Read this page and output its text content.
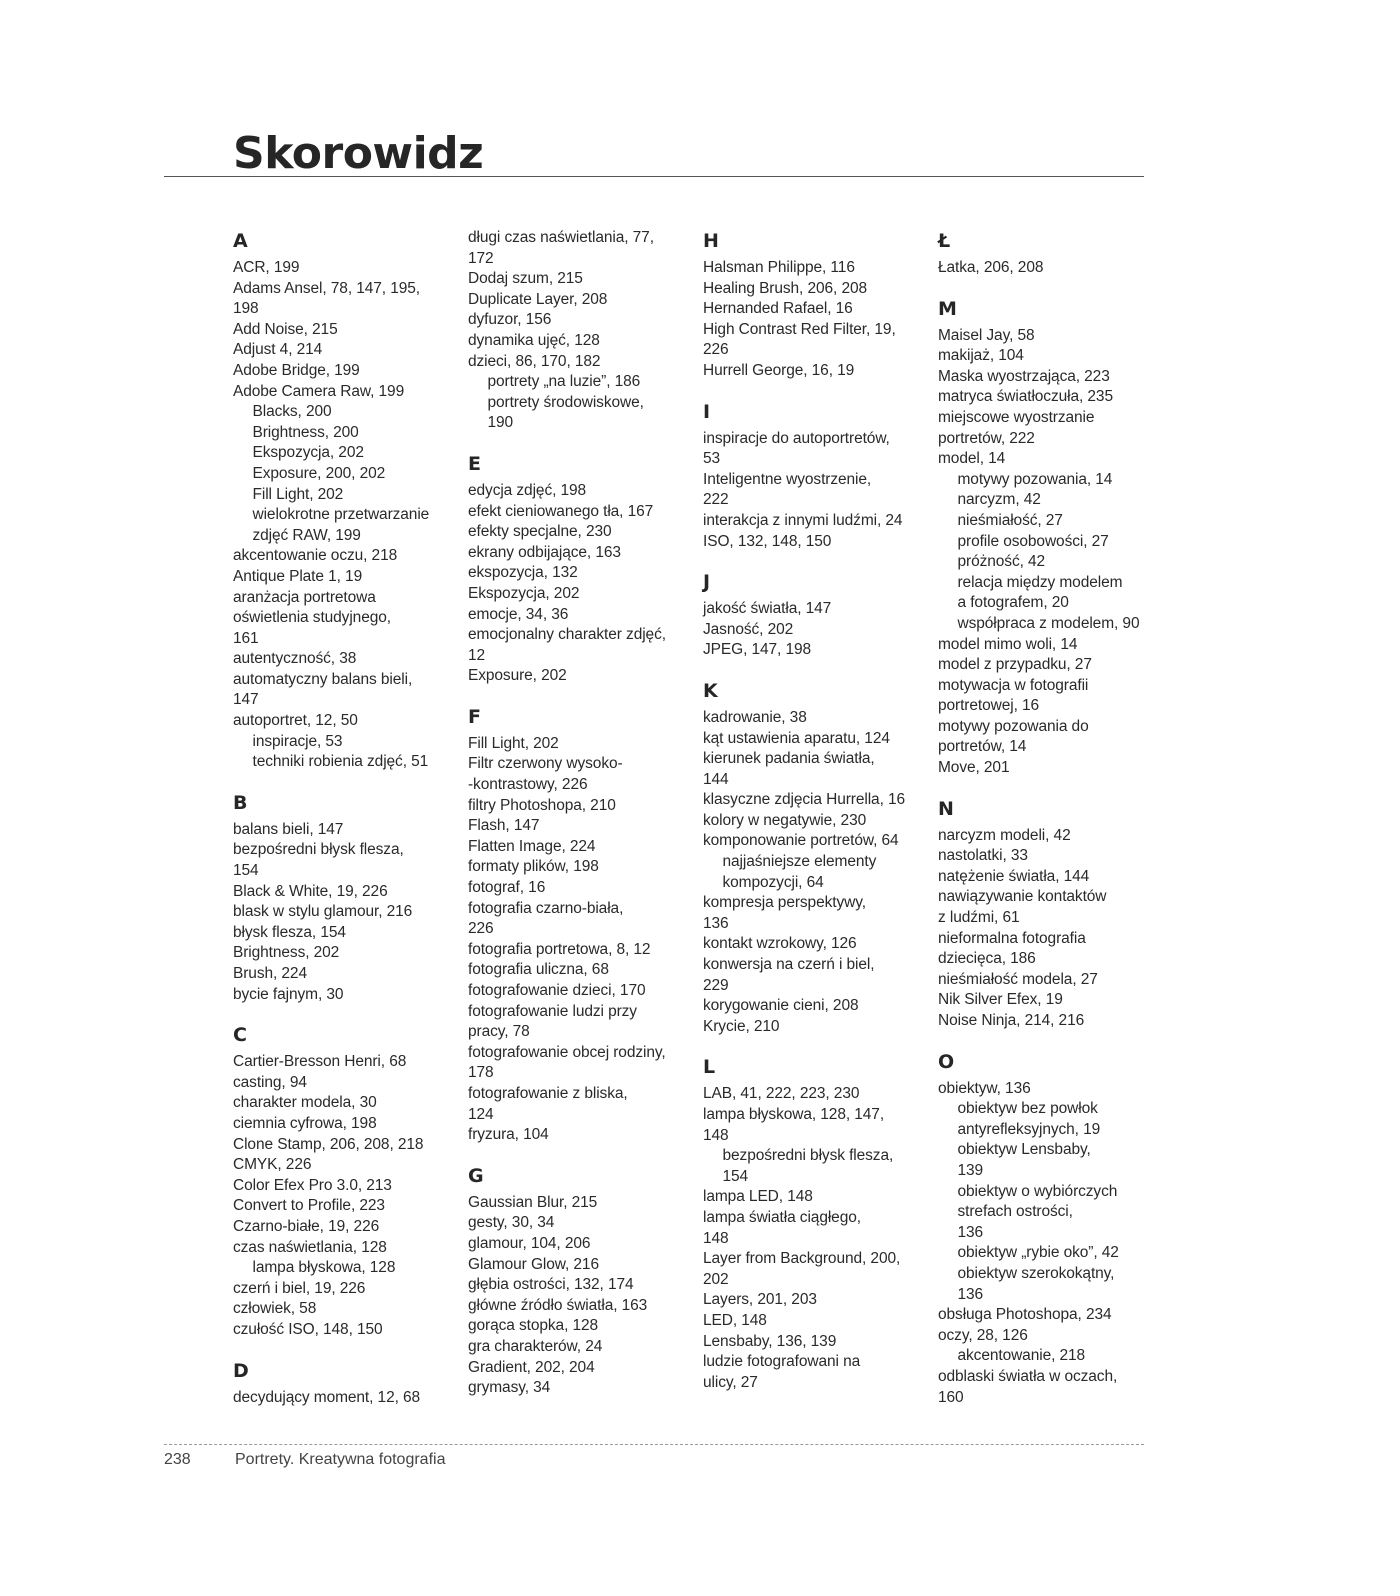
Skorowidz
A
ACR, 199
Adams Ansel, 78, 147, 195,
198
Add Noise, 215
Adjust 4, 214
Adobe Bridge, 199
Adobe Camera Raw, 199
Blacks, 200
Brightness, 200
Ekspozycja, 202
Exposure, 200, 202
Fill Light, 202
wielokrotne przetwarzanie
zdjęć RAW, 199
akcentowanie oczu, 218
Antique Plate 1, 19
aranżacja portretowa
oświetlenia studyjnego,
161
autentyczność, 38
automatyczny balans bieli,
147
autoportret, 12, 50
inspiracje, 53
techniki robienia zdjęć, 51
B
balans bieli, 147
bezpośredni błysk flesza,
154
Black & White, 19, 226
blask w stylu glamour, 216
błysk flesza, 154
Brightness, 202
Brush, 224
bycie fajnym, 30
C
Cartier-Bresson Henri, 68
casting, 94
charakter modela, 30
ciemnia cyfrowa, 198
Clone Stamp, 206, 208, 218
CMYK, 226
Color Efex Pro 3.0, 213
Convert to Profile, 223
Czarno-białe, 19, 226
czas naświetlania, 128
lampa błyskowa, 128
czerń i biel, 19, 226
człowiek, 58
czułość ISO, 148, 150
D
decydujący moment, 12, 68
długi czas naświetlania, 77,
172
Dodaj szum, 215
Duplicate Layer, 208
dyfuzor, 156
dynamika ujęć, 128
dzieci, 86, 170, 182
portrety „na luzie”, 186
portrety środowiskowe,
190
E
edycja zdjęć, 198
efekt cieniowanego tła, 167
efekty specjalne, 230
ekrany odbijające, 163
ekspozycja, 132
Ekspozycja, 202
emocje, 34, 36
emocjonalny charakter zdjęć,
12
Exposure, 202
F
Fill Light, 202
Filtr czerwony wysoko-
-kontrastowy, 226
filtry Photoshopa, 210
Flash, 147
Flatten Image, 224
formaty plików, 198
fotograf, 16
fotografia czarno-biała,
226
fotografia portretowa, 8, 12
fotografia uliczna, 68
fotografowanie dzieci, 170
fotografowanie ludzi przy
pracy, 78
fotografowanie obcej rodziny,
178
fotografowanie z bliska,
124
fryzura, 104
G
Gaussian Blur, 215
gesty, 30, 34
glamour, 104, 206
Glamour Glow, 216
głębia ostrości, 132, 174
główne źródło światła, 163
gorąca stopka, 128
gra charakterów, 24
Gradient, 202, 204
grymasy, 34
H
Halsman Philippe, 116
Healing Brush, 206, 208
Hernanded Rafael, 16
High Contrast Red Filter, 19,
226
Hurrell George, 16, 19
I
inspiracje do autoportretów,
53
Inteligentne wyostrzenie,
222
interakcja z innymi ludźmi, 24
ISO, 132, 148, 150
J
jakość światła, 147
Jasność, 202
JPEG, 147, 198
K
kadrowanie, 38
kąt ustawienia aparatu, 124
kierunek padania światła,
144
klasyczne zdjęcia Hurrella, 16
kolory w negatywie, 230
komponowanie portretów, 64
najjaśniejsze elementy
kompozycji, 64
kompresja perspektywy,
136
kontakt wzrokowy, 126
konwersja na czerń i biel,
229
korygowanie cieni, 208
Krycie, 210
L
LAB, 41, 222, 223, 230
lampa błyskowa, 128, 147,
148
bezpośredni błysk flesza,
154
lampa LED, 148
lampa światła ciągłego,
148
Layer from Background, 200,
202
Layers, 201, 203
LED, 148
Lensbaby, 136, 139
ludzie fotografowani na
ulicy, 27
Ł
Łatka, 206, 208
M
Maisel Jay, 58
makijaż, 104
Maska wyostrzająca, 223
matryca światłoczuła, 235
miejscowe wyostrzanie
portretów, 222
model, 14
motywy pozowania, 14
narcyzm, 42
nieśmiałość, 27
profile osobowości, 27
próżność, 42
relacja między modelem
a fotografem, 20
współpraca z modelem, 90
model mimo woli, 14
model z przypadku, 27
motywacja w fotografii
portretowej, 16
motywy pozowania do
portretów, 14
Move, 201
N
narcyzm modeli, 42
nastolatki, 33
natężenie światła, 144
nawiązywanie kontaktów
z ludźmi, 61
nieformalna fotografia
dziecięca, 186
nieśmiałość modela, 27
Nik Silver Efex, 19
Noise Ninja, 214, 216
O
obiektyw, 136
obiektyw bez powłok
antyrefleksyjnych, 19
obiektyw Lensbaby,
139
obiektyw o wybiórczych
strefach ostrości,
136
obiektyw „rybie oko”, 42
obiektyw szerokokątny,
136
obsługa Photoshopa, 234
oczy, 28, 126
akcentowanie, 218
odblaski światła w oczach,
160
238	Portrety. Kreatywna fotografia
